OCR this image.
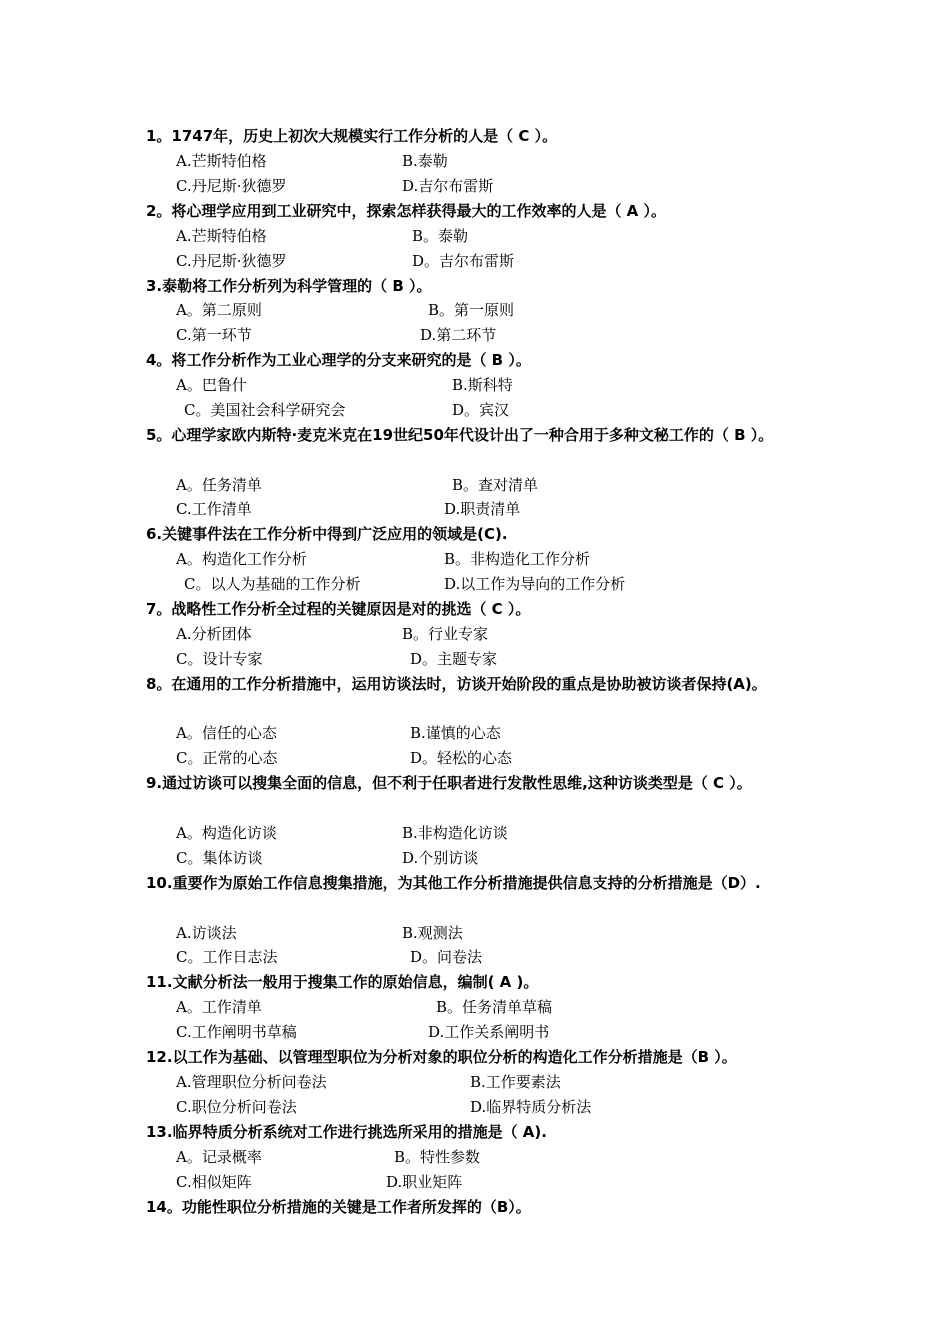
1。1747年，历史上初次大规模实行工作分析的人是（ C ）。
A.芒斯特伯格	B.泰勒
C.丹尼斯·狄德罗	D.吉尔布雷斯
2。将心理学应用到工业研究中，探索怎样获得最大的工作效率的人是（ A ）。
A.芒斯特伯格	B。泰勒
C.丹尼斯·狄德罗	D。吉尔布雷斯
3.泰勒将工作分析列为科学管理的（ B ）。
A。第二原则	B。第一原则
C.第一环节	D.第二环节
4。将工作分析作为工业心理学的分支来研究的是（ B ）。
A。巴鲁什	B.斯科特
C。美国社会科学研究会	D。宾汉
5。心理学家欧内斯特·麦克米克在19世纪50年代设计出了一种合用于多种文秘工作的（ B ）。
A。任务清单	B。查对清单
C.工作清单	D.职责清单
6.关键事件法在工作分析中得到广泛应用的领域是(C).
A。构造化工作分析	B。非构造化工作分析
C。以人为基础的工作分析	D.以工作为导向的工作分析
7。战略性工作分析全过程的关键原因是对的挑选（ C ）。
A.分析团体	B。行业专家
C。设计专家	D。主题专家
8。在通用的工作分析措施中，运用访谈法时，访谈开始阶段的重点是协助被访谈者保持(A)。
A。信任的心态	B.谨慎的心态
C。正常的心态	D。轻松的心态
9.通过访谈可以搜集全面的信息，但不利于任职者进行发散性思维,这种访谈类型是（ C ）。
A。构造化访谈	B.非构造化访谈
C。集体访谈	D.个别访谈
10.重要作为原始工作信息搜集措施，为其他工作分析措施提供信息支持的分析措施是（D）.
A.访谈法	B.观测法
C。工作日志法	D。问卷法
11.文献分析法一般用于搜集工作的原始信息，编制( A )。
A。工作清单	B。任务清单草稿
C.工作阐明书草稿	D.工作关系阐明书
12.以工作为基础、以管理型职位为分析对象的职位分析的构造化工作分析措施是（B ）。
A.管理职位分析问卷法	B.工作要素法
C.职位分析问卷法	D.临界特质分析法
13.临界特质分析系统对工作进行挑选所采用的措施是（ A).
A。记录概率	B。特性参数
C.相似矩阵	D.职业矩阵
14。功能性职位分析措施的关键是工作者所发挥的（B）。
